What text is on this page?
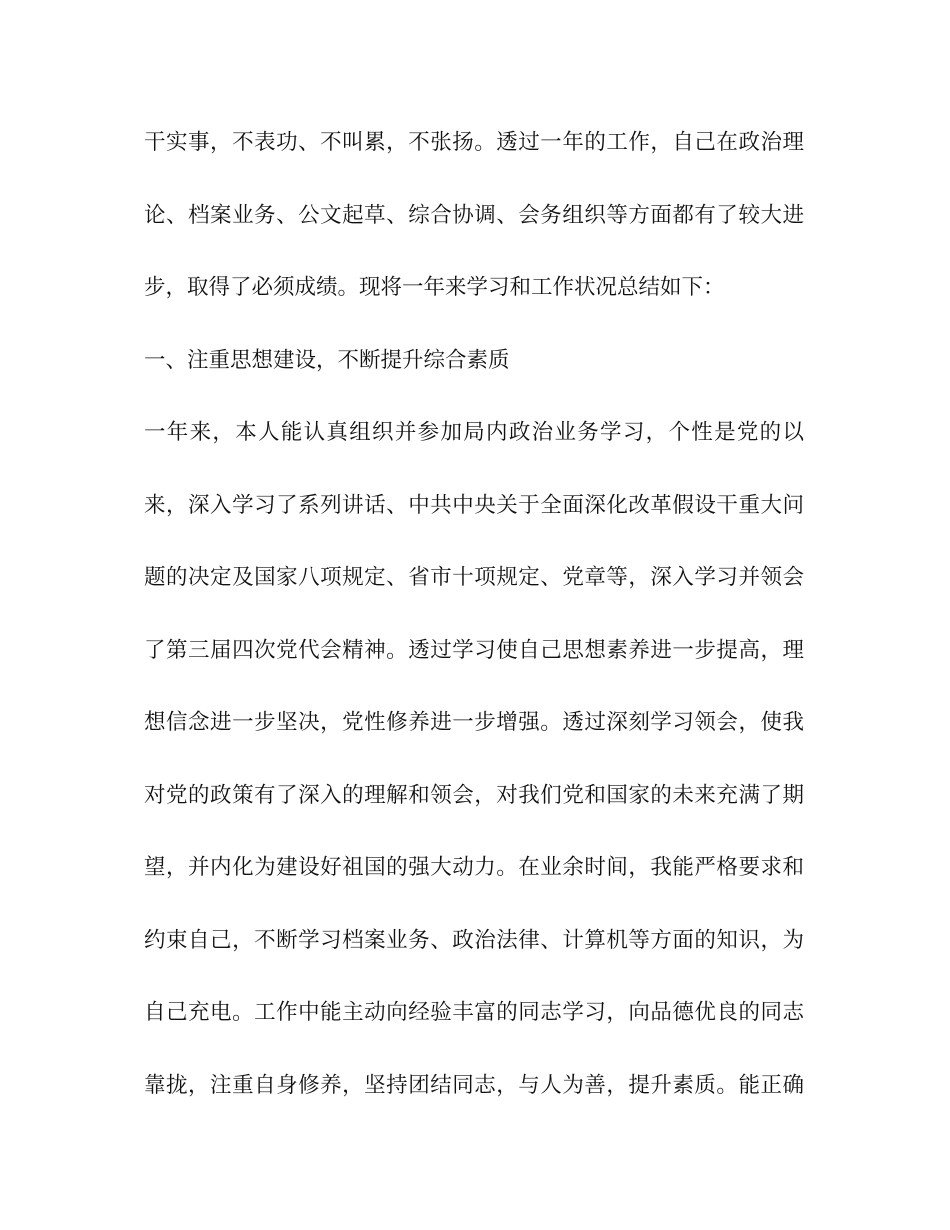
干实事，不表功、不叫累，不张扬。透过一年的工作，自己在政治理
论、档案业务、公文起草、综合协调、会务组织等方面都有了较大进
步，取得了必须成绩。现将一年来学习和工作状况总结如下：
一、注重思想建设，不断提升综合素质
一年来，本人能认真组织并参加局内政治业务学习，个性是党的以
来，深入学习了系列讲话、中共中央关于全面深化改革假设干重大问
题的决定及国家八项规定、省市十项规定、党章等，深入学习并领会
了第三届四次党代会精神。透过学习使自己思想素养进一步提高，理
想信念进一步坚决，党性修养进一步增强。透过深刻学习领会，使我
对党的政策有了深入的理解和领会，对我们党和国家的未来充满了期
望，并内化为建设好祖国的强大动力。在业余时间，我能严格要求和
约束自己，不断学习档案业务、政治法律、计算机等方面的知识，为
自己充电。工作中能主动向经验丰富的同志学习，向品德优良的同志
靠拢，注重自身修养，坚持团结同志，与人为善，提升素质。能正确
